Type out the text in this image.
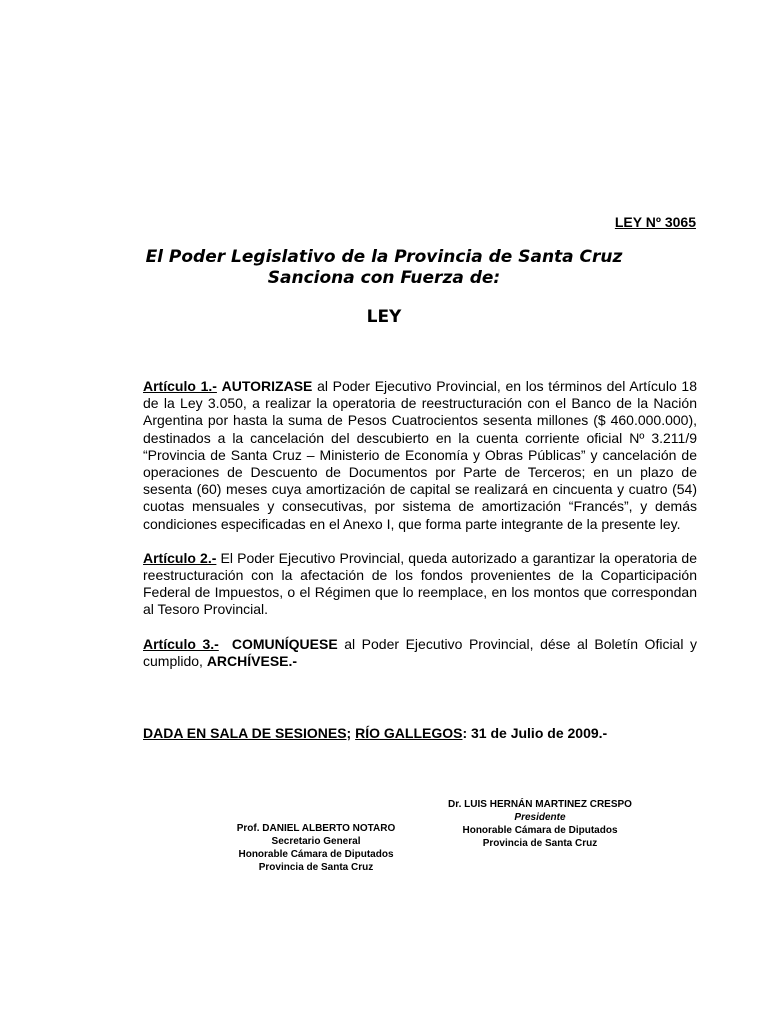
LEY Nº 3065
El Poder Legislativo de la Provincia de Santa Cruz
Sanciona con Fuerza de:
LEY

Artículo 1.- AUTORIZASE al Poder Ejecutivo Provincial, en los términos del Artículo 18 de la Ley 3.050, a realizar la operatoria de reestructuración con el Banco de la Nación Argentina por hasta la suma de Pesos Cuatrocientos sesenta millones ($ 460.000.000), destinados a la cancelación del descubierto en la cuenta corriente oficial Nº 3.211/9 “Provincia de Santa Cruz – Ministerio de Economía y Obras Públicas” y cancelación de operaciones de Descuento de Documentos por Parte de Terceros; en un plazo de sesenta (60) meses cuya amortización de capital se realizará en cincuenta y cuatro (54) cuotas mensuales y consecutivas, por sistema de amortización “Francés”, y demás condiciones especificadas en el Anexo I, que forma parte integrante de la presente ley.

Artículo 2.- El Poder Ejecutivo Provincial, queda autorizado a garantizar la operatoria de reestructuración con la afectación de los fondos provenientes de la Coparticipación Federal de Impuestos, o el Régimen que lo reemplace, en los montos que correspondan al Tesoro Provincial.

Artículo 3.- COMUNÍQUESE al Poder Ejecutivo Provincial, dése al Boletín Oficial y cumplido, ARCHÍVESE.-

DADA EN SALA DE SESIONES; RÍO GALLEGOS: 31 de Julio de 2009.-
Prof. DANIEL ALBERTO NOTARO
Secretario General
Honorable Cámara de Diputados
Provincia de Santa Cruz
Dr. LUIS HERNÁN MARTINEZ CRESPO
Presidente
Honorable Cámara de Diputados
Provincia de Santa Cruz
